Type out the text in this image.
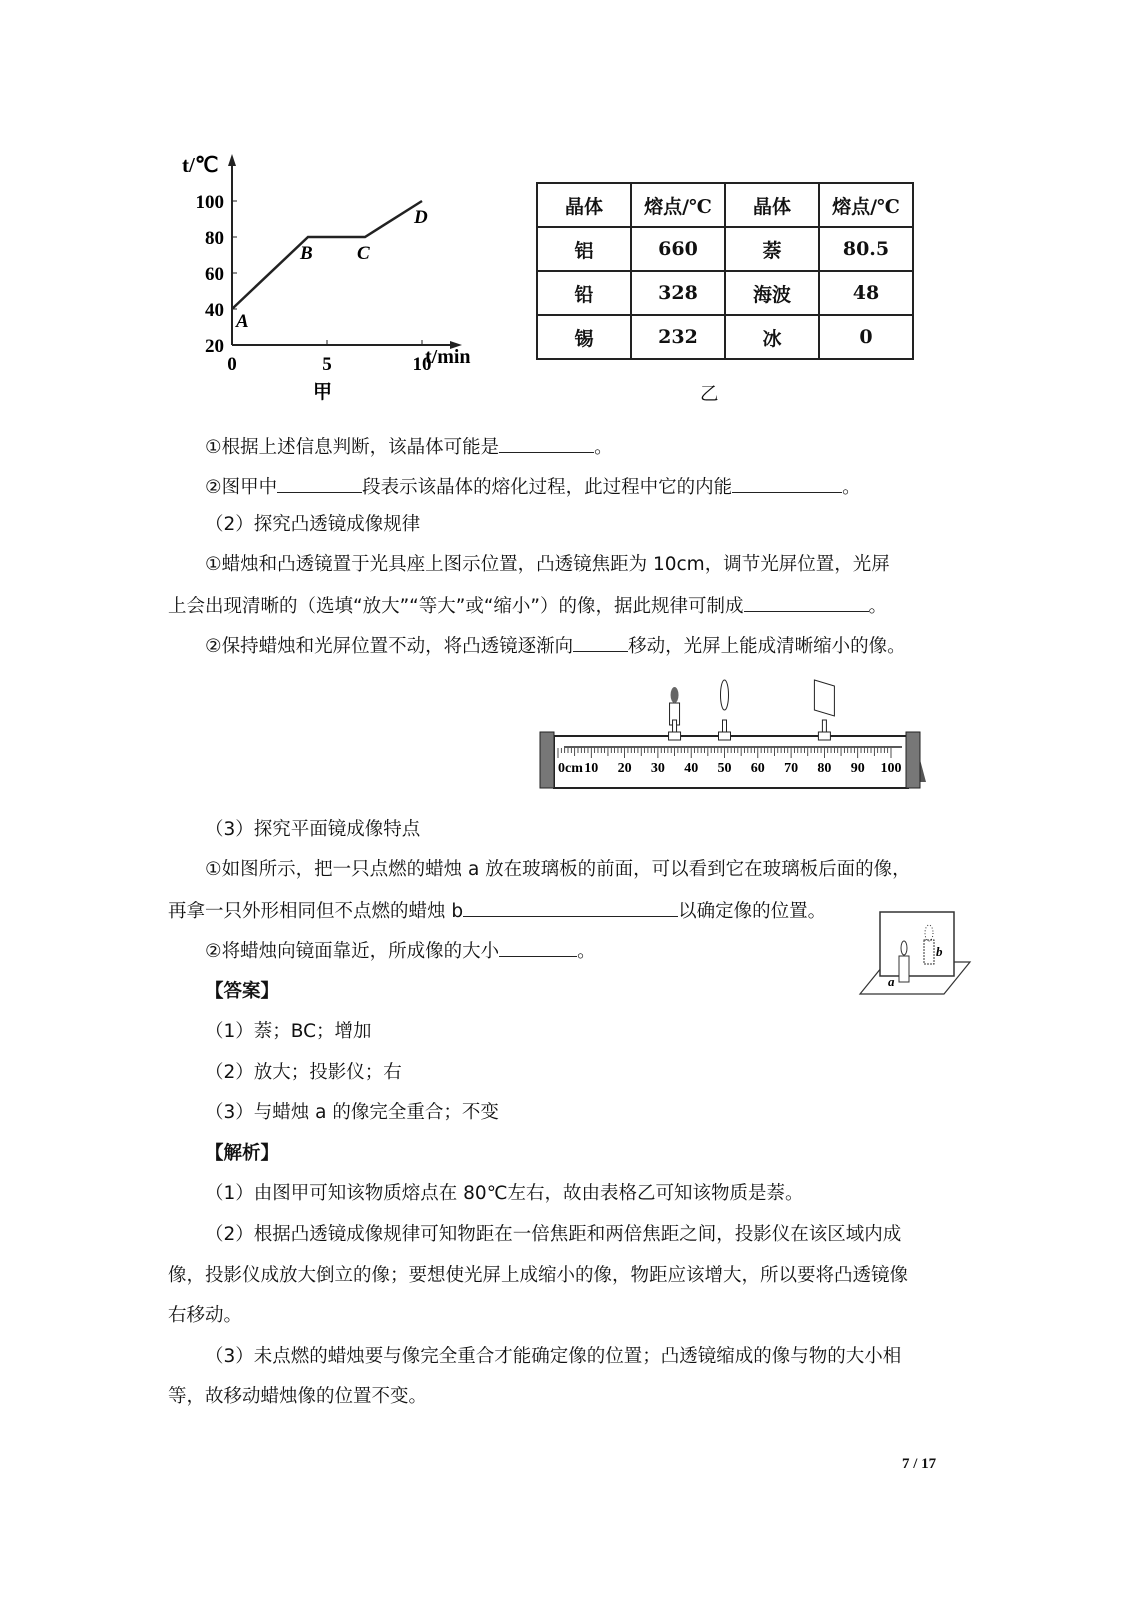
20
40
60
80
100
0	5	10
A
B C
D
t/℃
t/min
甲
晶体	熔点/℃	晶体	熔点/℃
铝	660	萘	80.5
铅	328	海波	48
锡	232	冰	0
乙
①根据上述信息判断，该晶体可能是	。
②图甲中	段表示该晶体的熔化过程，此过程中它的内能	。
（2）探究凸透镜成像规律
①蜡烛和凸透镜置于光具座上图示位置，凸透镜焦距为 10cm，调节光屏位置，光屏
上会出现清晰的（选填“放大”“等大”或“缩小”）的像，据此规律可制成	。
②保持蜡烛和光屏位置不动，将凸透镜逐渐向	移动，光屏上能成清晰缩小的像。
0cm 10 20 30 40 50 60 70 80 90 100
（3）探究平面镜成像特点
①如图所示，把一只点燃的蜡烛 a 放在玻璃板的前面，可以看到它在玻璃板后面的像，
再拿一只外形相同但不点燃的蜡烛 b	以确定像的位置。
②将蜡烛向镜面靠近，所成像的大小	。
a
b
【答案】
（1）萘；BC；增加
（2）放大；投影仪；右
（3）与蜡烛 a 的像完全重合；不变
【解析】
（1）由图甲可知该物质熔点在 80℃左右，故由表格乙可知该物质是萘。
（2）根据凸透镜成像规律可知物距在一倍焦距和两倍焦距之间，投影仪在该区域内成
像，投影仪成放大倒立的像；要想使光屏上成缩小的像，物距应该增大，所以要将凸透镜像
右移动。
（3）未点燃的蜡烛要与像完全重合才能确定像的位置；凸透镜缩成的像与物的大小相
等，故移动蜡烛像的位置不变。
7 / 17
